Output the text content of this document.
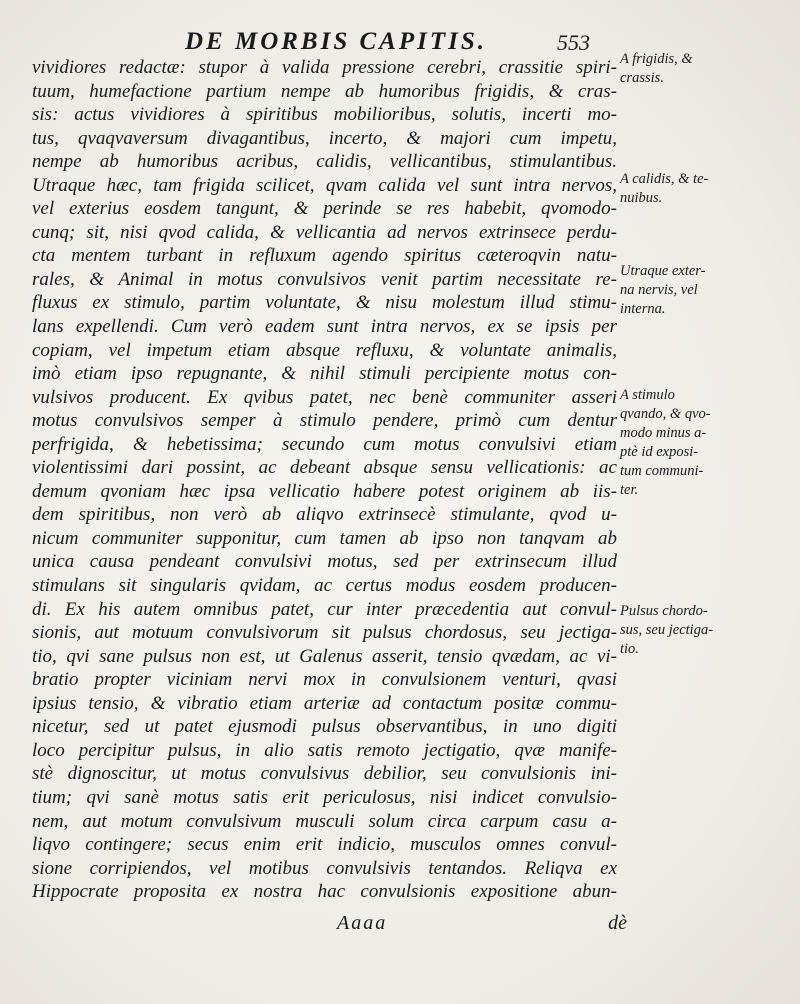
DE MORBIS CAPITIS.	553
vividiores redactæ: stupor à valida pressione cerebri, crassitie spiri-
tuum, humefactione partium nempe ab humoribus frigidis, & cras-
sis: actus vividiores à spiritibus mobilioribus, solutis, incerti mo-
tus, qvaqvaversum divagantibus, incerto, & majori cum impetu,
nempe ab humoribus acribus, calidis, vellicantibus, stimulantibus.
Utraque hæc, tam frigida scilicet, qvam calida vel sunt intra nervos,
vel exterius eosdem tangunt, & perinde se res habebit, qvomodo-
cunq; sit, nisi qvod calida, & vellicantia ad nervos extrinsece perdu-
cta mentem turbant in refluxum agendo spiritus cæteroqvin natu-
rales, & Animal in motus convulsivos venit partim necessitate re-
fluxus ex stimulo, partim voluntate, & nisu molestum illud stimu-
lans expellendi. Cum verò eadem sunt intra nervos, ex se ipsis per
copiam, vel impetum etiam absque refluxu, & voluntate animalis,
imò etiam ipso repugnante, & nihil stimuli percipiente motus con-
vulsivos producent. Ex qvibus patet, nec benè communiter asseri
motus convulsivos semper à stimulo pendere, primò cum dentur
perfrigida, & hebetissima; secundo cum motus convulsivi etiam
violentissimi dari possint, ac debeant absque sensu vellicationis: ac
demum qvoniam hæc ipsa vellicatio habere potest originem ab iis-
dem spiritibus, non verò ab aliqvo extrinsecè stimulante, qvod u-
nicum communiter supponitur, cum tamen ab ipso non tanqvam ab
unica causa pendeant convulsivi motus, sed per extrinsecum illud
stimulans sit singularis qvidam, ac certus modus eosdem producen-
di. Ex his autem omnibus patet, cur inter præcedentia aut convul-
sionis, aut motuum convulsivorum sit pulsus chordosus, seu jectiga-
tio, qvi sane pulsus non est, ut Galenus asserit, tensio qvædam, ac vi-
bratio propter viciniam nervi mox in convulsionem venturi, qvasi
ipsius tensio, & vibratio etiam arteriæ ad contactum positæ commu-
nicetur, sed ut patet ejusmodi pulsus observantibus, in uno digiti
loco percipitur pulsus, in alio satis remoto jectigatio, qvæ manife-
stè dignoscitur, ut motus convulsivus debilior, seu convulsionis ini-
tium; qvi sanè motus satis erit periculosus, nisi indicet convulsio-
nem, aut motum convulsivum musculi solum circa carpum casu a-
liqvo contingere; secus enim erit indicio, musculos omnes convul-
sione corripiendos, vel motibus convulsivis tentandos. Reliqva ex
Hippocrate proposita ex nostra hac convulsionis expositione abun-
A frigidis, &
crassis.
A calidis, & te-
nuibus.
Utraque exter-
na nervis, vel
interna.
A stimulo
qvando, & qvo-
modo minus a-
ptè id exposi-
tum communi-
ter.
Pulsus chordo-
sus, seu jectiga-
tio.
Aaaa	dè
